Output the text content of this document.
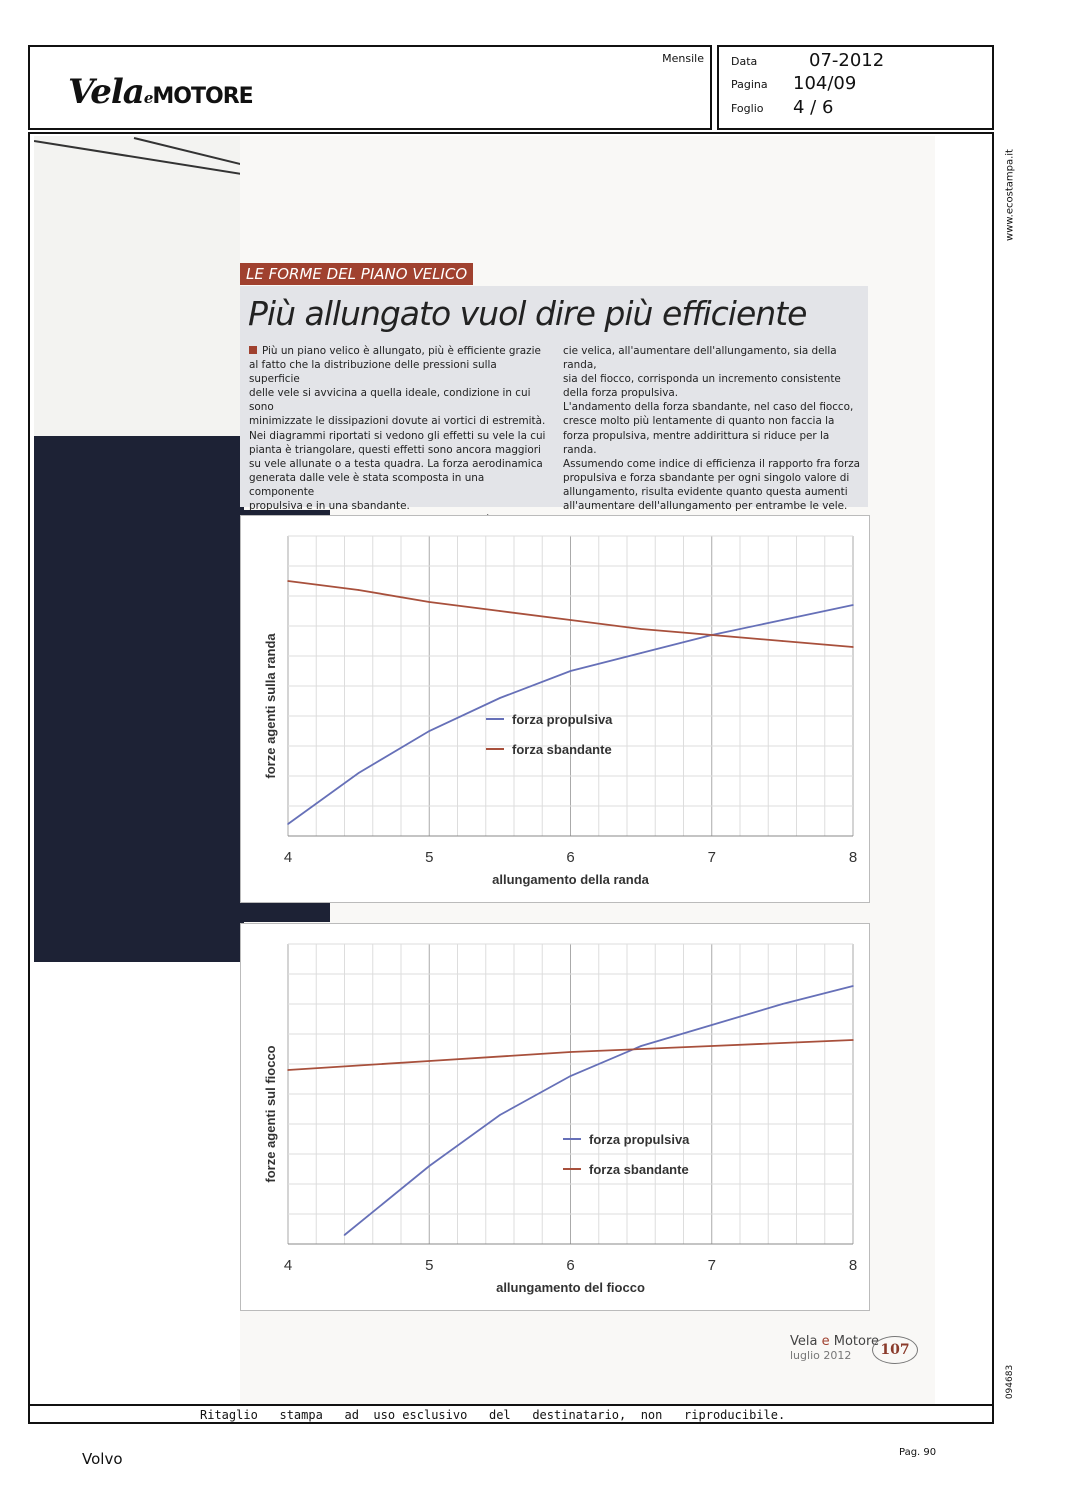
VelaeMOTORE
Mensile Data	07-2012
Pagina 104/09
Foglio 4 / 6
www.ecostampa.it
094683
LE FORME DEL PIANO VELICO
Più allungato vuol dire più efficiente
Più un piano velico è allungato, più è efficiente grazie
al fatto che la distribuzione delle pressioni sulla superficie
delle vele si avvicina a quella ideale, condizione in cui sono
minimizzate le dissipazioni dovute ai vortici di estremità.
Nei diagrammi riportati si vedono gli effetti su vele la cui
pianta è triangolare, questi effetti sono ancora maggiori
su vele allunate o a testa quadra. La forza aerodinamica
generata dalle vele è stata scomposta in una componente
propulsiva e in una sbandante.
cie velica, all'aumentare dell'allungamento, sia della randa,
sia del fiocco, corrisponda un incremento consistente
della forza propulsiva.
L'andamento della forza sbandante, nel caso del fiocco,
cresce molto più lentamente di quanto non faccia la
forza propulsiva, mentre addirittura si riduce per la randa.
Assumendo come indice di efficienza il rapporto fra forza
propulsiva e forza sbandante per ogni singolo valore di
allungamento, risulta evidente quanto questa aumenti
all'aumentare dell'allungamento per entrambe le vele.
4	5	6	7	8
allungamento della randa
forze agenti sulla randa	forza propulsiva
forza sbandante
4	5	6	7	8
allungamento del fiocco
forze agenti sul fiocco	forza propulsiva
forza sbandante
Vela e Motore
luglio 2012	107
Ritaglio   stampa   ad  uso esclusivo   del   destinatario,  non   riproducibile.
Volvo	Pag. 90
